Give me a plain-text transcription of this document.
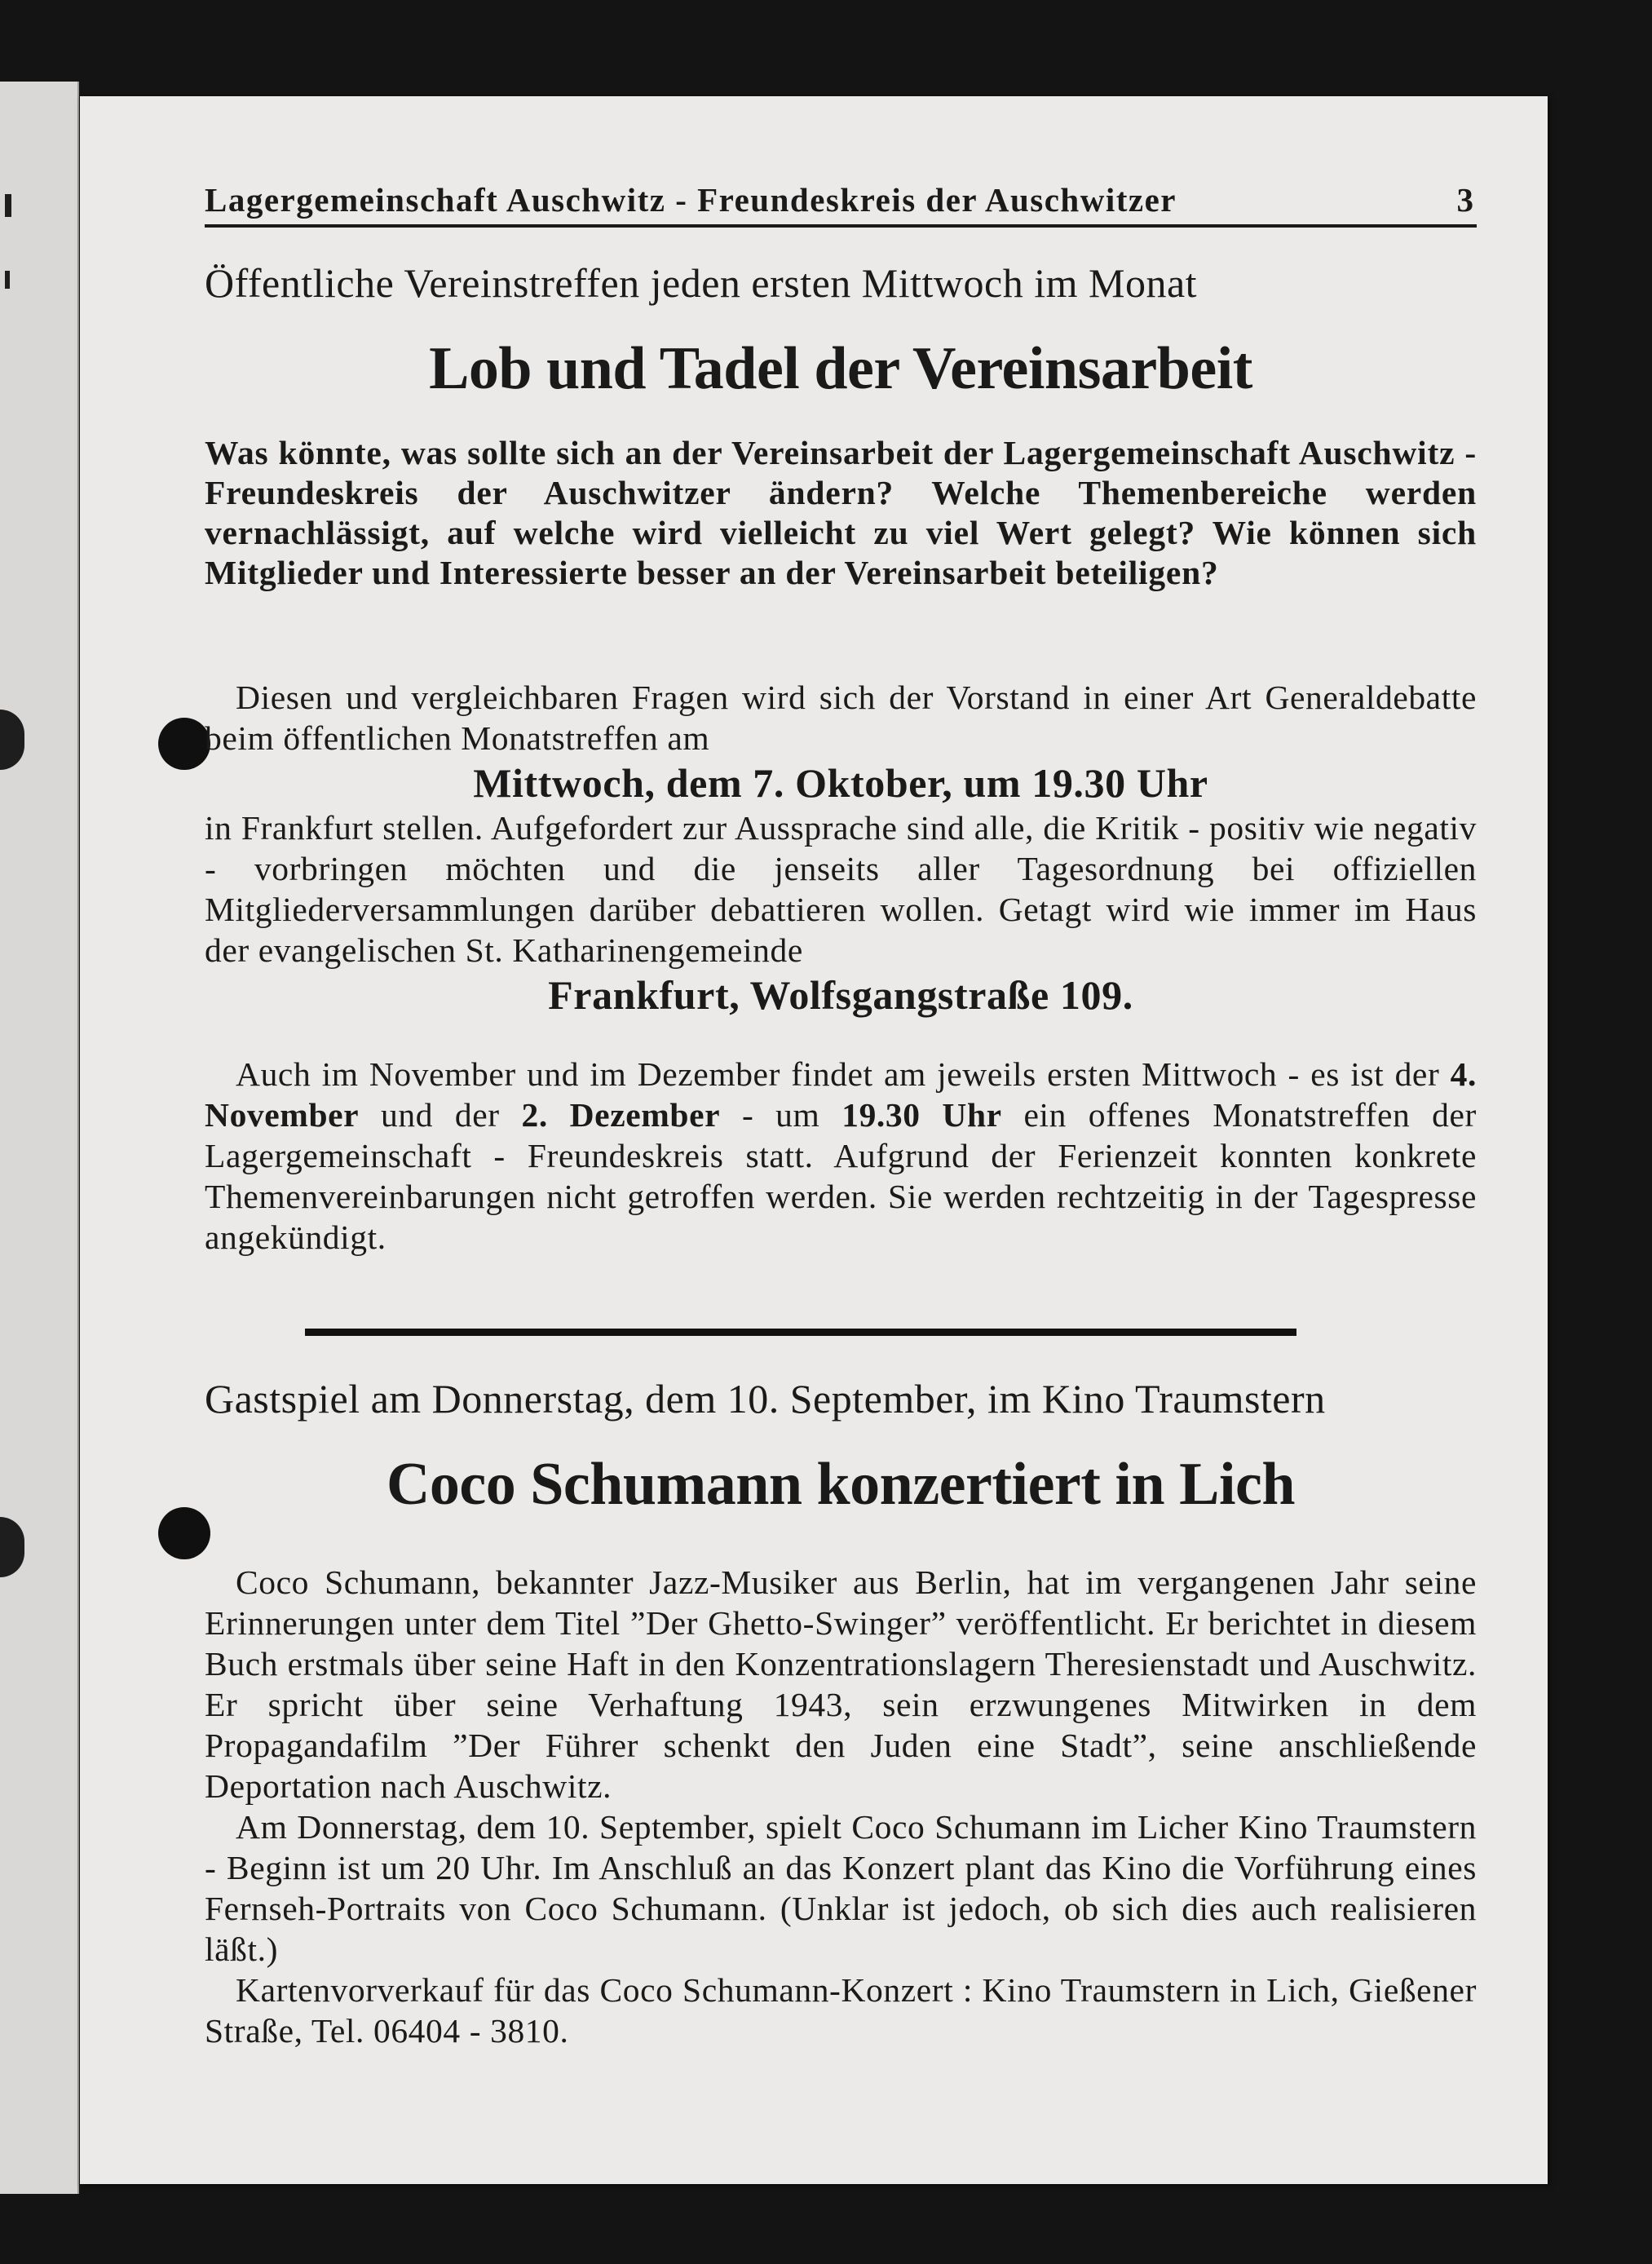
Lagergemeinschaft Auschwitz - Freundeskreis der Auschwitzer	3
Öffentliche Vereinstreffen jeden ersten Mittwoch im Monat
Lob und Tadel der Vereinsarbeit
Was könnte, was sollte sich an der Vereinsarbeit der Lagergemeinschaft Auschwitz - Freundeskreis der Auschwitzer ändern? Welche Themenbereiche werden vernachlässigt, auf welche wird vielleicht zu viel Wert gelegt? Wie können sich Mitglieder und Interessierte besser an der Vereinsarbeit beteiligen?

Diesen und vergleichbaren Fragen wird sich der Vorstand in einer Art Generaldebatte beim öffentlichen Monatstreffen am

Mittwoch, dem 7. Oktober, um 19.30 Uhr

in Frankfurt stellen. Aufgefordert zur Aussprache sind alle, die Kritik - positiv wie negativ - vorbringen möchten und die jenseits aller Tagesordnung bei offiziellen Mitgliederversammlungen darüber debattieren wollen. Getagt wird wie immer im Haus der evangelischen St. Katharinengemeinde

Frankfurt, Wolfsgangstraße 109.

Auch im November und im Dezember findet am jeweils ersten Mittwoch - es ist der 4. November und der 2. Dezember - um 19.30 Uhr ein offenes Monatstreffen der Lagergemeinschaft - Freundeskreis statt. Aufgrund der Ferienzeit konnten konkrete Themenvereinbarungen nicht getroffen werden. Sie werden rechtzeitig in der Tagespresse angekündigt.

Gastspiel am Donnerstag, dem 10. September, im Kino Traumstern
Coco Schumann konzertiert in Lich

Coco Schumann, bekannter Jazz-Musiker aus Berlin, hat im vergangenen Jahr seine Erinnerungen unter dem Titel ”Der Ghetto-Swinger” veröffentlicht. Er berichtet in diesem Buch erstmals über seine Haft in den Konzentrationslagern Theresienstadt und Auschwitz. Er spricht über seine Verhaftung 1943, sein erzwungenes Mitwirken in dem Propagandafilm ”Der Führer schenkt den Juden eine Stadt”, seine anschließende Deportation nach Auschwitz.

Am Donnerstag, dem 10. September, spielt Coco Schumann im Licher Kino Traumstern - Beginn ist um 20 Uhr. Im Anschluß an das Konzert plant das Kino die Vorführung eines Fernseh-Portraits von Coco Schumann. (Unklar ist jedoch, ob sich dies auch realisieren läßt.)

Kartenvorverkauf für das Coco Schumann-Konzert : Kino Traumstern in Lich, Gießener Straße, Tel. 06404 - 3810.
